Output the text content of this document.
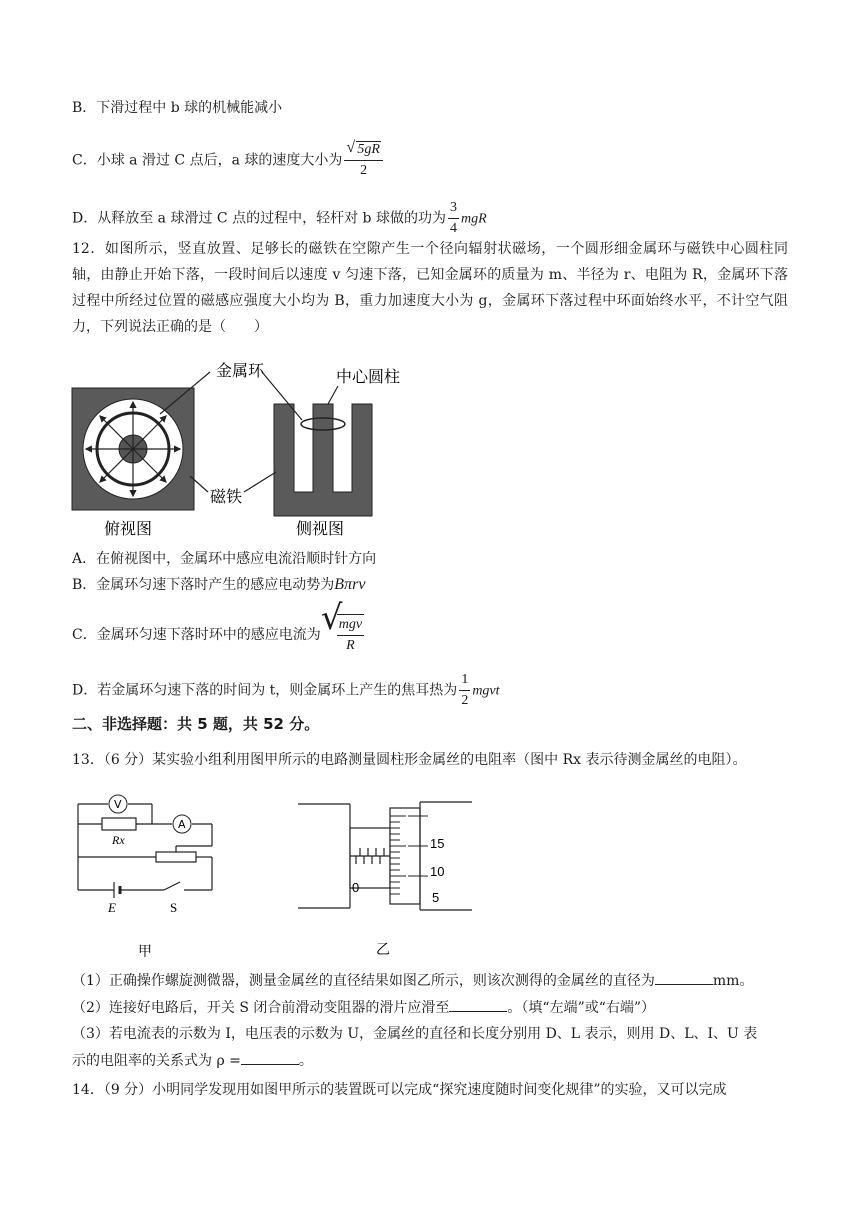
B．下滑过程中 b 球的机械能减小
C．小球 a 滑过 C 点后，a 球的速度大小为 $\frac{√ 5gR}{2}$
D．从释放至 a 球滑过 C 点的过程中，轻杆对 b 球做的功为 $\frac{3}{4}$ mgR
12．如图所示，竖直放置、足够长的磁铁在空隙产生一个径向辐射状磁场，一个圆形细金属环与磁铁中心圆柱同轴，由静止开始下落，一段时间后以速度 v 匀速下落，已知金属环的质量为 m、半径为 r、电阻为 R，金属环下落过程中所经过位置的磁感应强度大小均为 B，重力加速度大小为 g，金属环下落过程中环面始终水平，不计空气阻力，下列说法正确的是（　　）
金属环	中心圆柱
磁铁
俯视图	侧视图
A．在俯视图中，金属环中感应电流沿顺时针方向
B．金属环匀速下落时产生的感应电动势为Bπrv
C．金属环匀速下落时环中的感应电流为 √
$\frac{\text{mgv}}{R}$
D．若金属环匀速下落的时间为 t，则金属环上产生的焦耳热为 $\frac{1}{2}$ mgvt
二、非选择题：共 5 题，共 52 分。
13．（6 分）某实验小组利用图甲所示的电路测量圆柱形金属丝的电阻率（图中 Rx 表示待测金属丝的电阻）。
V
A
Rx
E	S
甲
15
10
5
0
乙
（1）正确操作螺旋测微器，测量金属丝的直径结果如图乙所示，则该次测得的金属丝的直径为	mm。
（2）连接好电路后，开关 S 闭合前滑动变阻器的滑片应滑至	。（填“左端”或“右端”）
（3）若电流表的示数为 I，电压表的示数为 U，金属丝的直径和长度分别用 D、L 表示，则用 D、L、I、U 表
示的电阻率的关系式为 ρ =	。
14．（9 分）小明同学发现用如图甲所示的装置既可以完成“探究速度随时间变化规律”的实验，又可以完成
